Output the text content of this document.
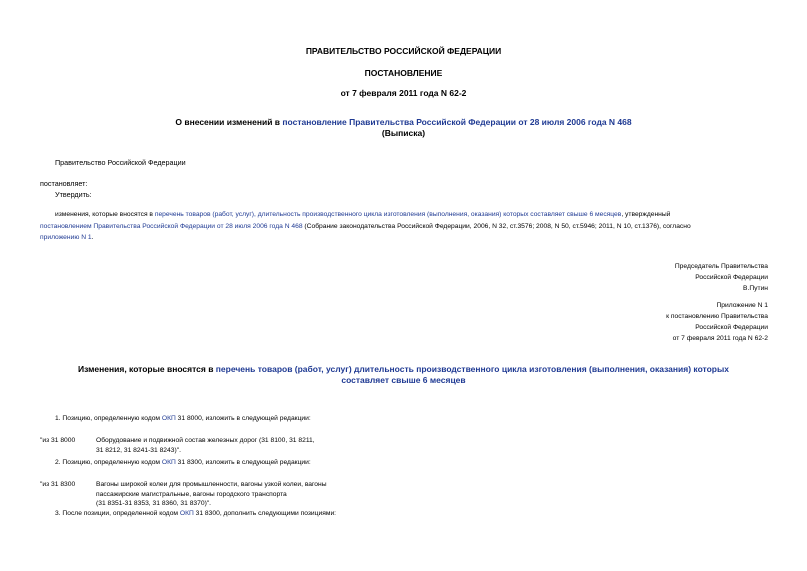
ПРАВИТЕЛЬСТВО РОССИЙСКОЙ ФЕДЕРАЦИИ
ПОСТАНОВЛЕНИЕ
от 7 февраля 2011 года N 62-2
О внесении изменений в постановление Правительства Российской Федерации от 28 июля 2006 года N 468
(Выписка)
Правительство Российской Федерации
постановляет:
Утвердить:
изменения, которые вносятся в перечень товаров (работ, услуг), длительность производственного цикла изготовления (выполнения, оказания) которых составляет свыше 6 месяцев, утвержденный
постановлением Правительства Российской Федерации от 28 июля 2006 года N 468 (Собрание законодательства Российской Федерации, 2006, N 32, ст.3576; 2008, N 50, ст.5946; 2011, N 10, ст.1376), согласно
приложению N 1.
Председатель Правительства
Российской Федерации
В.Путин
Приложение N 1
к постановлению Правительства
Российской Федерации
от 7 февраля 2011 года N 62-2
Изменения, которые вносятся в перечень товаров (работ, услуг) длительность производственного цикла изготовления (выполнения, оказания) которых
составляет свыше 6 месяцев
1. Позицию, определенную кодом ОКП 31 8000, изложить в следующей редакции:
"из 31 8000	Оборудование и подвижной состав железных дорог (31 8100, 31 8211,
31 8212, 31 8241-31 8243)".
2. Позицию, определенную кодом ОКП 31 8300, изложить в следующей редакции:
"из 31 8300	Вагоны широкой колеи для промышленности, вагоны узкой колеи, вагоны
пассажирские магистральные, вагоны городского транспорта
(31 8351-31 8353, 31 8360, 31 8370)".
3. После позиции, определенной кодом ОКП 31 8300, дополнить следующими позициями:
